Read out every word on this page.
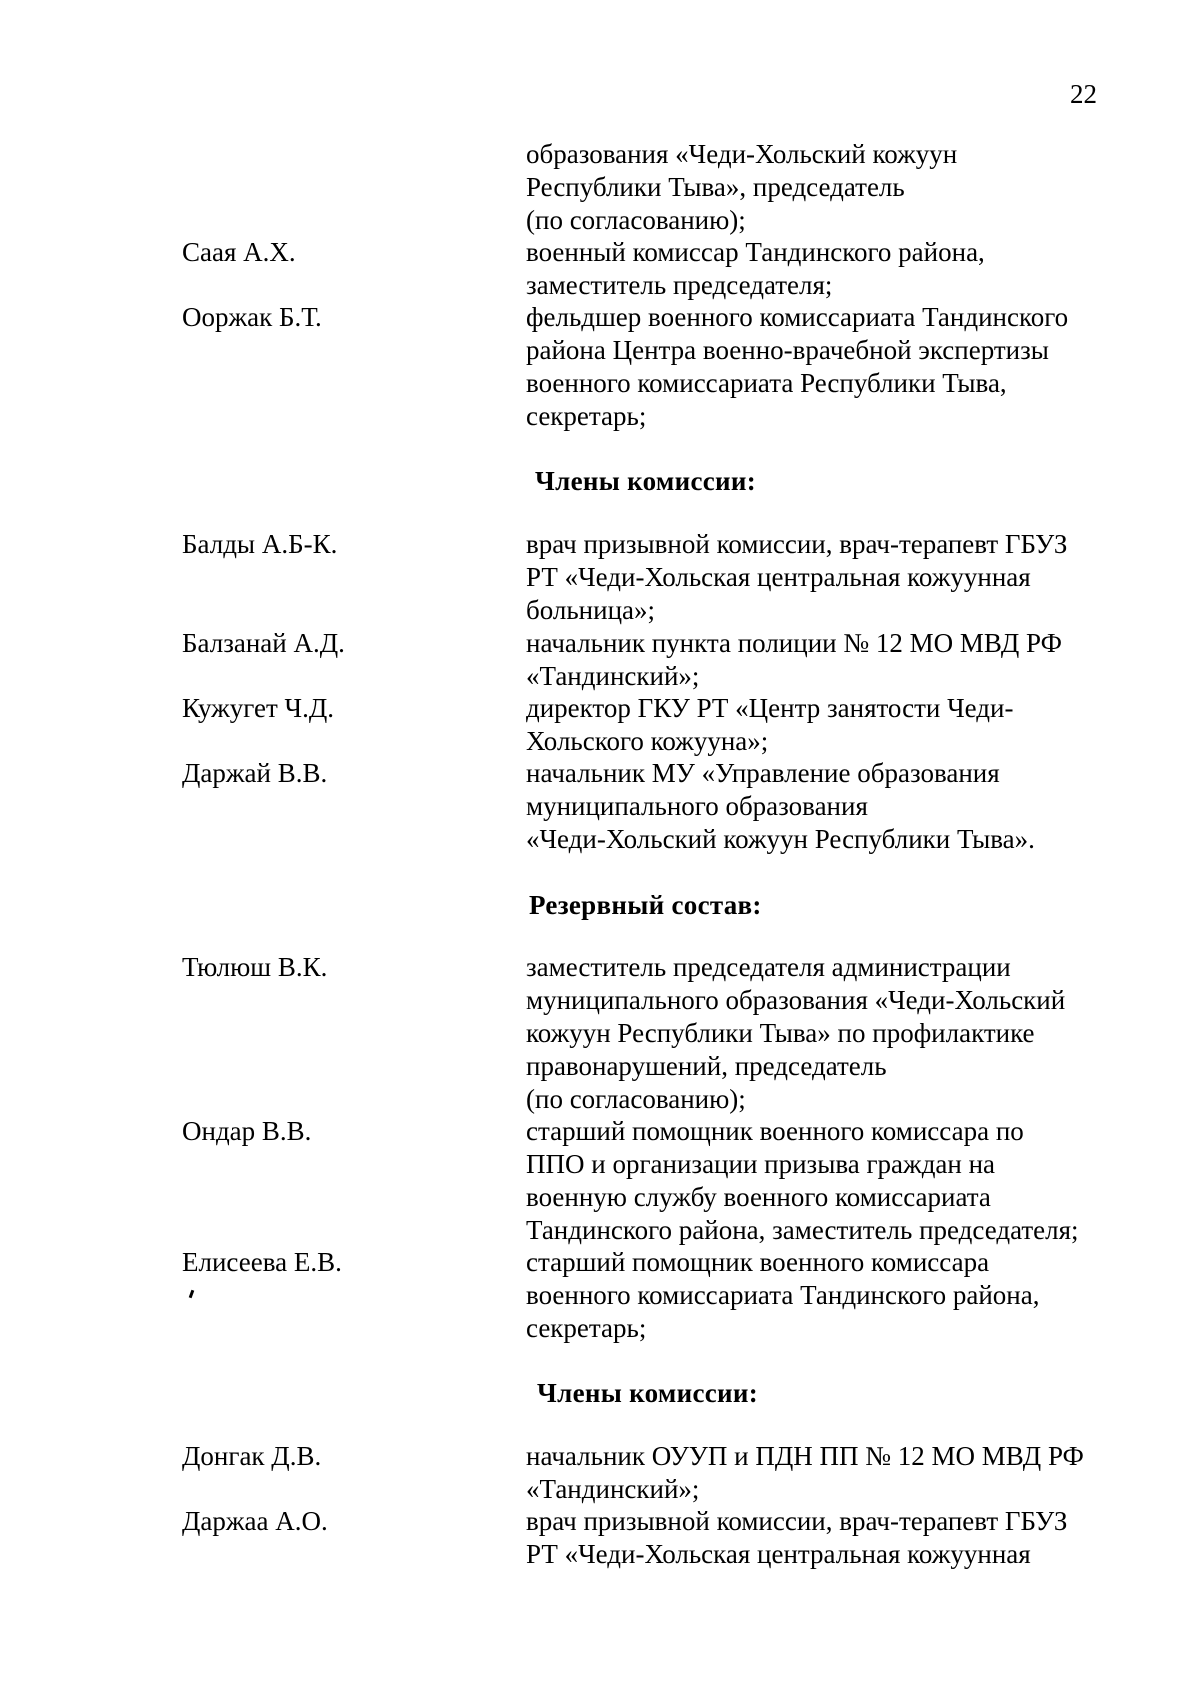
22
образования «Чеди-Хольский кожуун
Республики Тыва», председатель
(по согласованию);
Саая А.Х.	военный комиссар Тандинского района,
заместитель председателя;
Ооржак Б.Т.	фельдшер военного комиссариата Тандинского
района Центра военно-врачебной экспертизы
военного комиссариата Республики Тыва,
секретарь;
Члены комиссии:
Балды А.Б-К.	врач призывной комиссии, врач-терапевт ГБУЗ
РТ «Чеди-Хольская центральная кожуунная
больница»;
Балзанай А.Д.	начальник пункта полиции № 12 МО МВД РФ
«Тандинский»;
Кужугет Ч.Д.	директор ГКУ РТ «Центр занятости Чеди-
Хольского кожууна»;
Даржай В.В.	начальник МУ «Управление образования
муниципального образования
«Чеди-Хольский кожуун Республики Тыва».
Резервный состав:
Тюлюш В.К.	заместитель председателя администрации
муниципального образования «Чеди-Хольский
кожуун Республики Тыва» по профилактике
правонарушений, председатель
(по согласованию);
Ондар В.В.	старший помощник военного комиссара по
ППО и организации призыва граждан на
военную службу военного комиссариата
Тандинского района, заместитель председателя;
Елисеева Е.В.	старший помощник военного комиссара
военного комиссариата Тандинского района,
секретарь;
Члены комиссии:
Донгак Д.В.	начальник ОУУП и ПДН ПП № 12 МО МВД РФ
«Тандинский»;
Даржаа А.О.	врач призывной комиссии, врач-терапевт ГБУЗ
РТ «Чеди-Хольская центральная кожуунная
